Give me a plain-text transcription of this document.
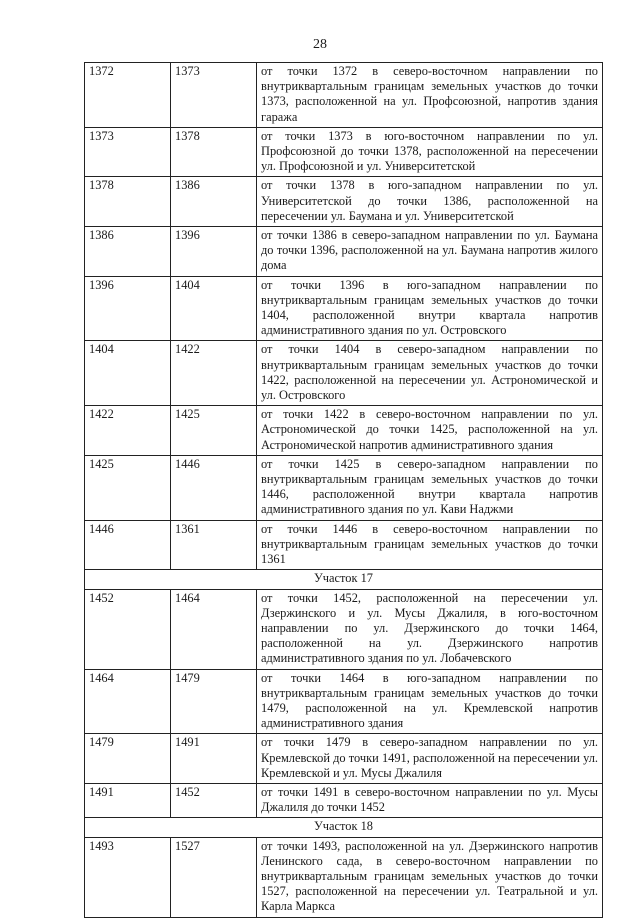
28
1372	1373	от точки 1372 в северо-восточном направлении по внутриквартальным границам земельных участков до точки 1373, расположенной на ул. Профсоюзной, напротив здания гаража
1373	1378	от точки 1373 в юго-восточном направлении по ул. Профсоюзной до точки 1378, расположенной на пересечении ул. Профсоюзной и ул. Университетской
1378	1386	от точки 1378 в юго-западном направлении по ул. Университетской до точки 1386, расположенной на пересечении ул. Баумана и ул. Университетской
1386	1396	от точки 1386 в северо-западном направлении по ул. Баумана до точки 1396, расположенной на ул. Баумана напротив жилого дома
1396	1404	от точки 1396 в юго-западном направлении по внутриквартальным границам земельных участков до точки 1404, расположенной внутри квартала напротив административного здания по ул. Островского
1404	1422	от точки 1404 в северо-западном направлении по внутриквартальным границам земельных участков до точки 1422, расположенной на пересечении ул. Астрономической и ул. Островского
1422	1425	от точки 1422 в северо-восточном направлении по ул. Астрономической до точки 1425, расположенной на ул. Астрономической напротив административного здания
1425	1446	от точки 1425 в северо-западном направлении по внутриквартальным границам земельных участков до точки 1446, расположенной внутри квартала напротив административного здания по ул. Кави Наджми
1446	1361	от точки 1446 в северо-восточном направлении по внутриквартальным границам земельных участков до точки 1361
Участок 17		
1452	1464	от точки 1452, расположенной на пересечении ул. Дзержинского и ул. Мусы Джалиля, в юго-восточном направлении по ул. Дзержинского до точки 1464, расположенной на ул. Дзержинского напротив административного здания по ул. Лобачевского
1464	1479	от точки 1464 в юго-западном направлении по внутриквартальным границам земельных участков до точки 1479, расположенной на ул. Кремлевской напротив административного здания
1479	1491	от точки 1479 в северо-западном направлении по ул. Кремлевской до точки 1491, расположенной на пересечении ул. Кремлевской и ул. Мусы Джалиля
1491	1452	от точки 1491 в северо-восточном направлении по ул. Мусы Джалиля до точки 1452
Участок 18		
1493	1527	от точки 1493, расположенной на ул. Дзержинского напротив Ленинского сада, в северо-восточном направлении по внутриквартальным границам земельных участков до точки 1527, расположенной на пересечении ул. Театральной и ул. Карла Маркса
